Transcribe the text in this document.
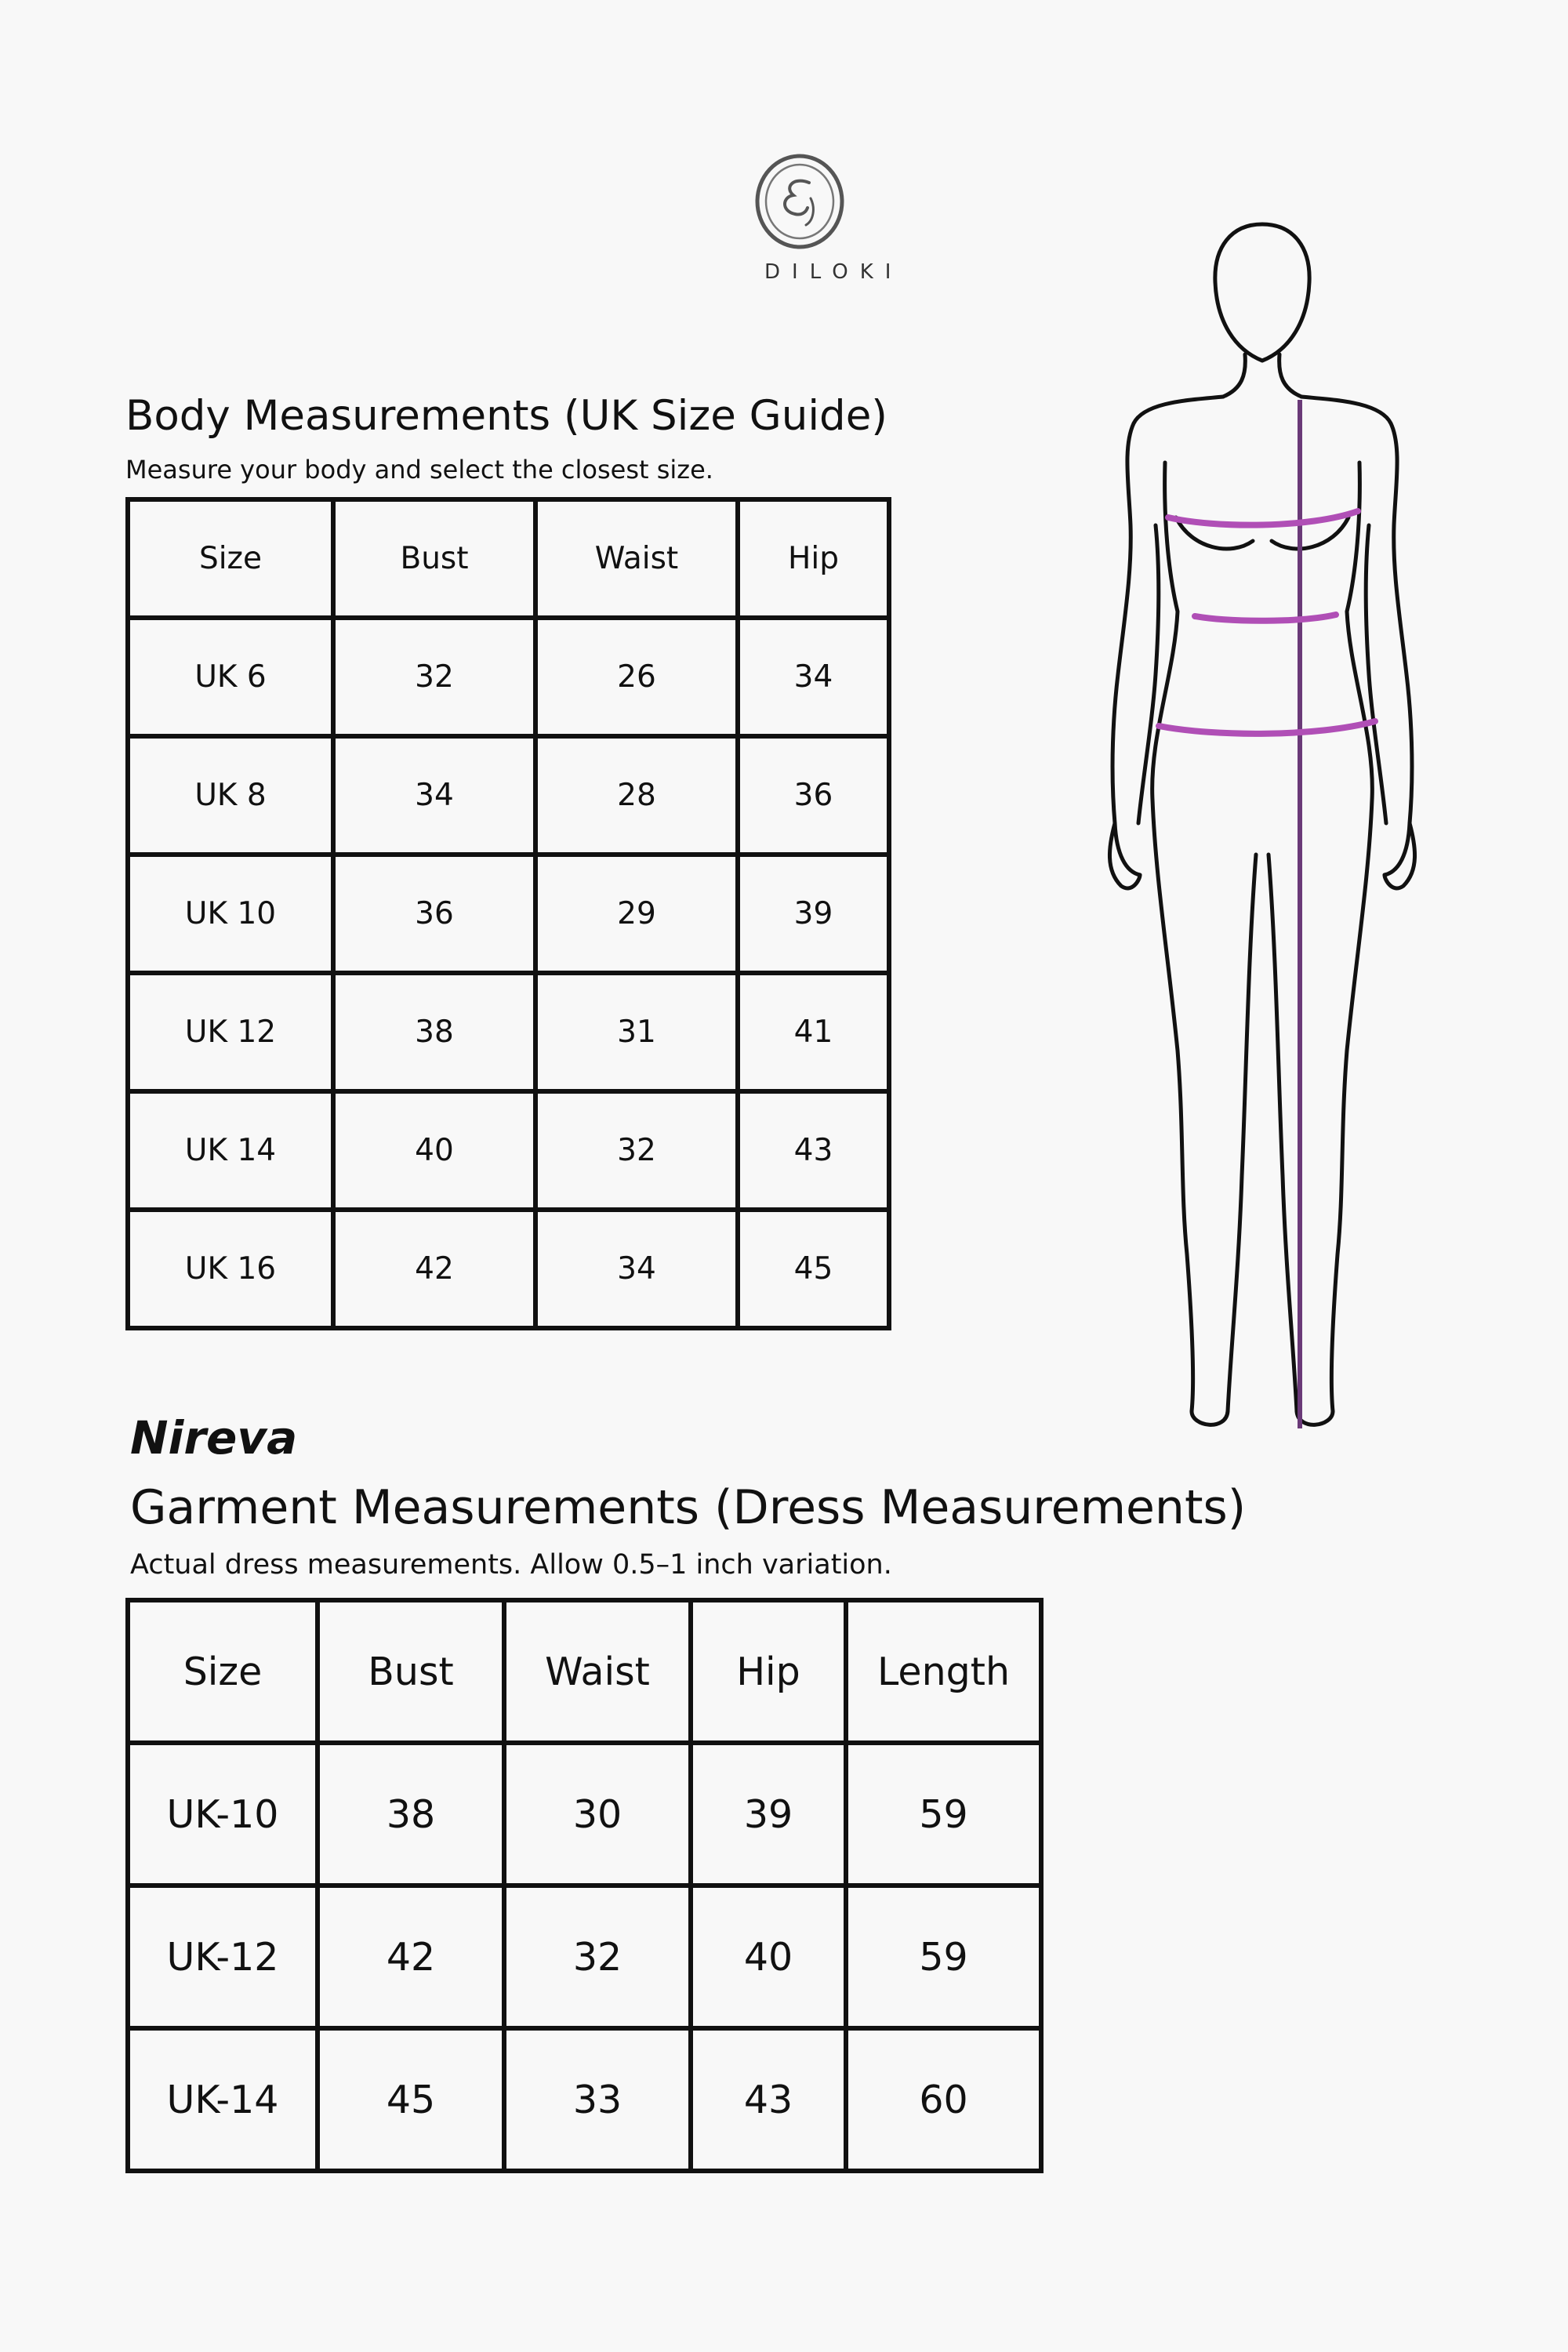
DILOKI
Body Measurements (UK Size Guide)
Measure your body and select the closest size.
Size	Bust	Waist	Hip
UK 6	32	26	34
UK 8	34	28	36
UK 10	36	29	39
UK 12	38	31	41
UK 14	40	32	43
UK 16	42	34	45
Nireva
Garment Measurements (Dress Measurements)
Actual dress measurements. Allow 0.5–1 inch variation.
Size	Bust	Waist	Hip	Length
UK-10	38	30	39	59
UK-12	42	32	40	59
UK-14	45	33	43	60
